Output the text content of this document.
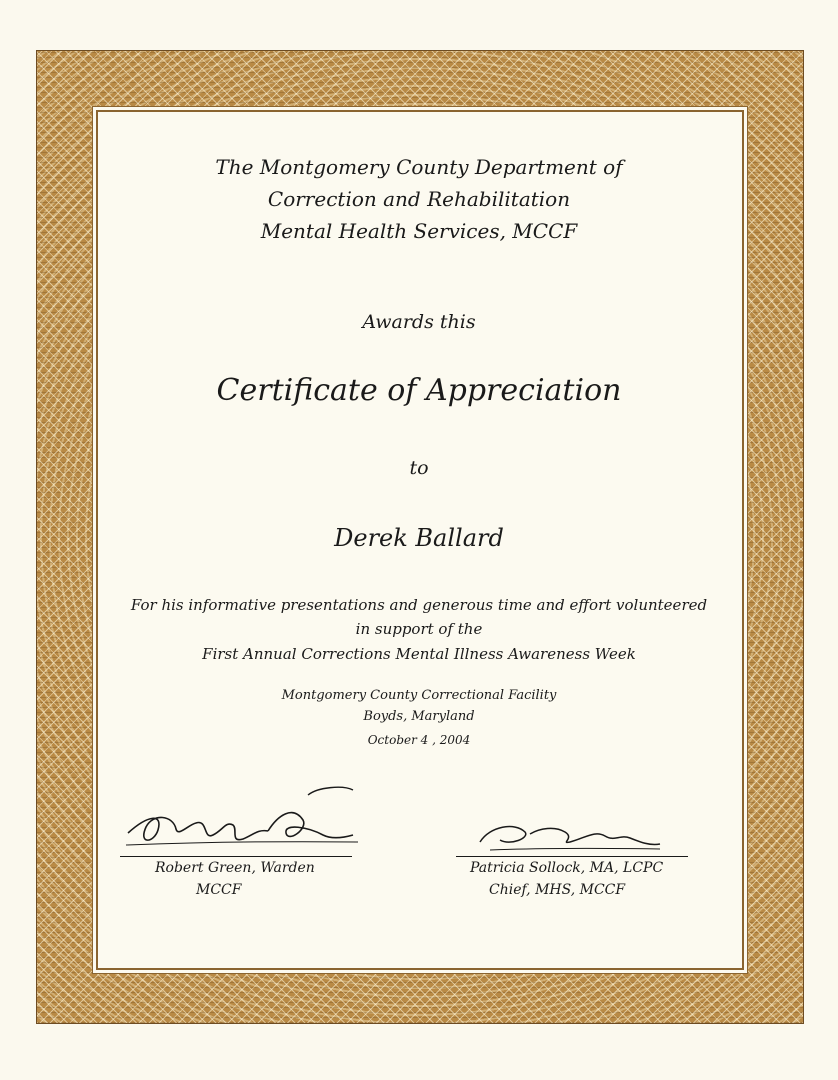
The Montgomery County Department of
Correction and Rehabilitation
Mental Health Services, MCCF
Awards this
Certificate of Appreciation
to
Derek Ballard
For his informative presentations and generous time and effort volunteered
in support of the
First Annual Corrections Mental Illness Awareness Week
Montgomery County Correctional Facility
Boyds, Maryland
October 4 , 2004
Robert Green, Warden
MCCF
Patricia Sollock, MA, LCPC
Chief, MHS, MCCF
